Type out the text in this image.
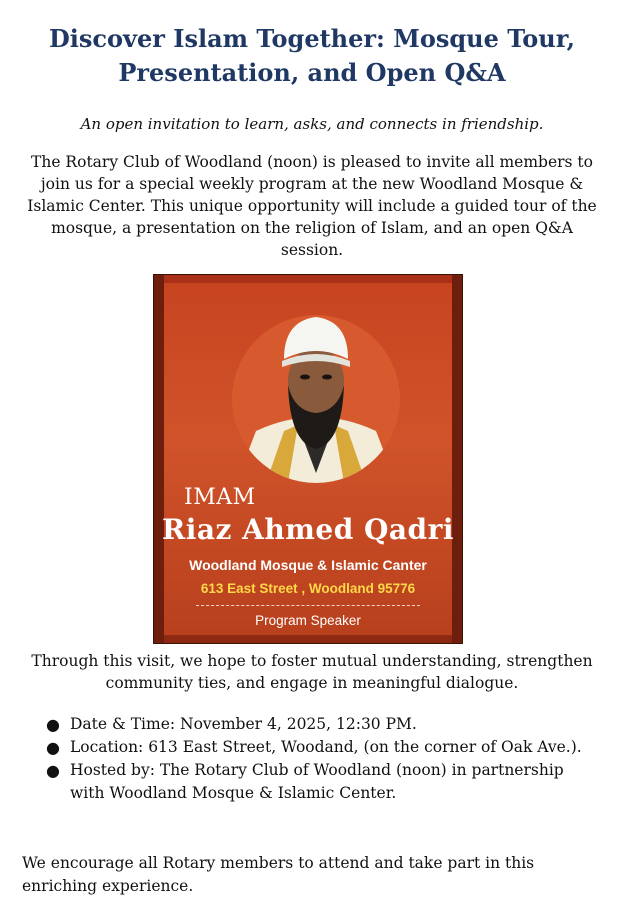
Discover Islam Together: Mosque Tour,
Presentation, and Open Q&A
An open invitation to learn, asks, and connects in friendship.
The Rotary Club of Woodland (noon) is pleased to invite all members to join us for a special weekly program at the new Woodland Mosque & Islamic Center. This unique opportunity will include a guided tour of the mosque, a presentation on the religion of Islam, and an open Q&A session.
IMAM
Riaz Ahmed Qadri
Woodland Mosque & Islamic Canter
613 East Street , Woodland 95776
Program Speaker
Through this visit, we hope to foster mutual understanding, strengthen community ties, and engage in meaningful dialogue.
● Date & Time: November 4, 2025, 12:30 PM.
● Location: 613 East Street, Woodand, (on the corner of Oak Ave.).
● Hosted by: The Rotary Club of Woodland (noon) in partnership with Woodland Mosque & Islamic Center.
We encourage all Rotary members to attend and take part in this enriching experience.
